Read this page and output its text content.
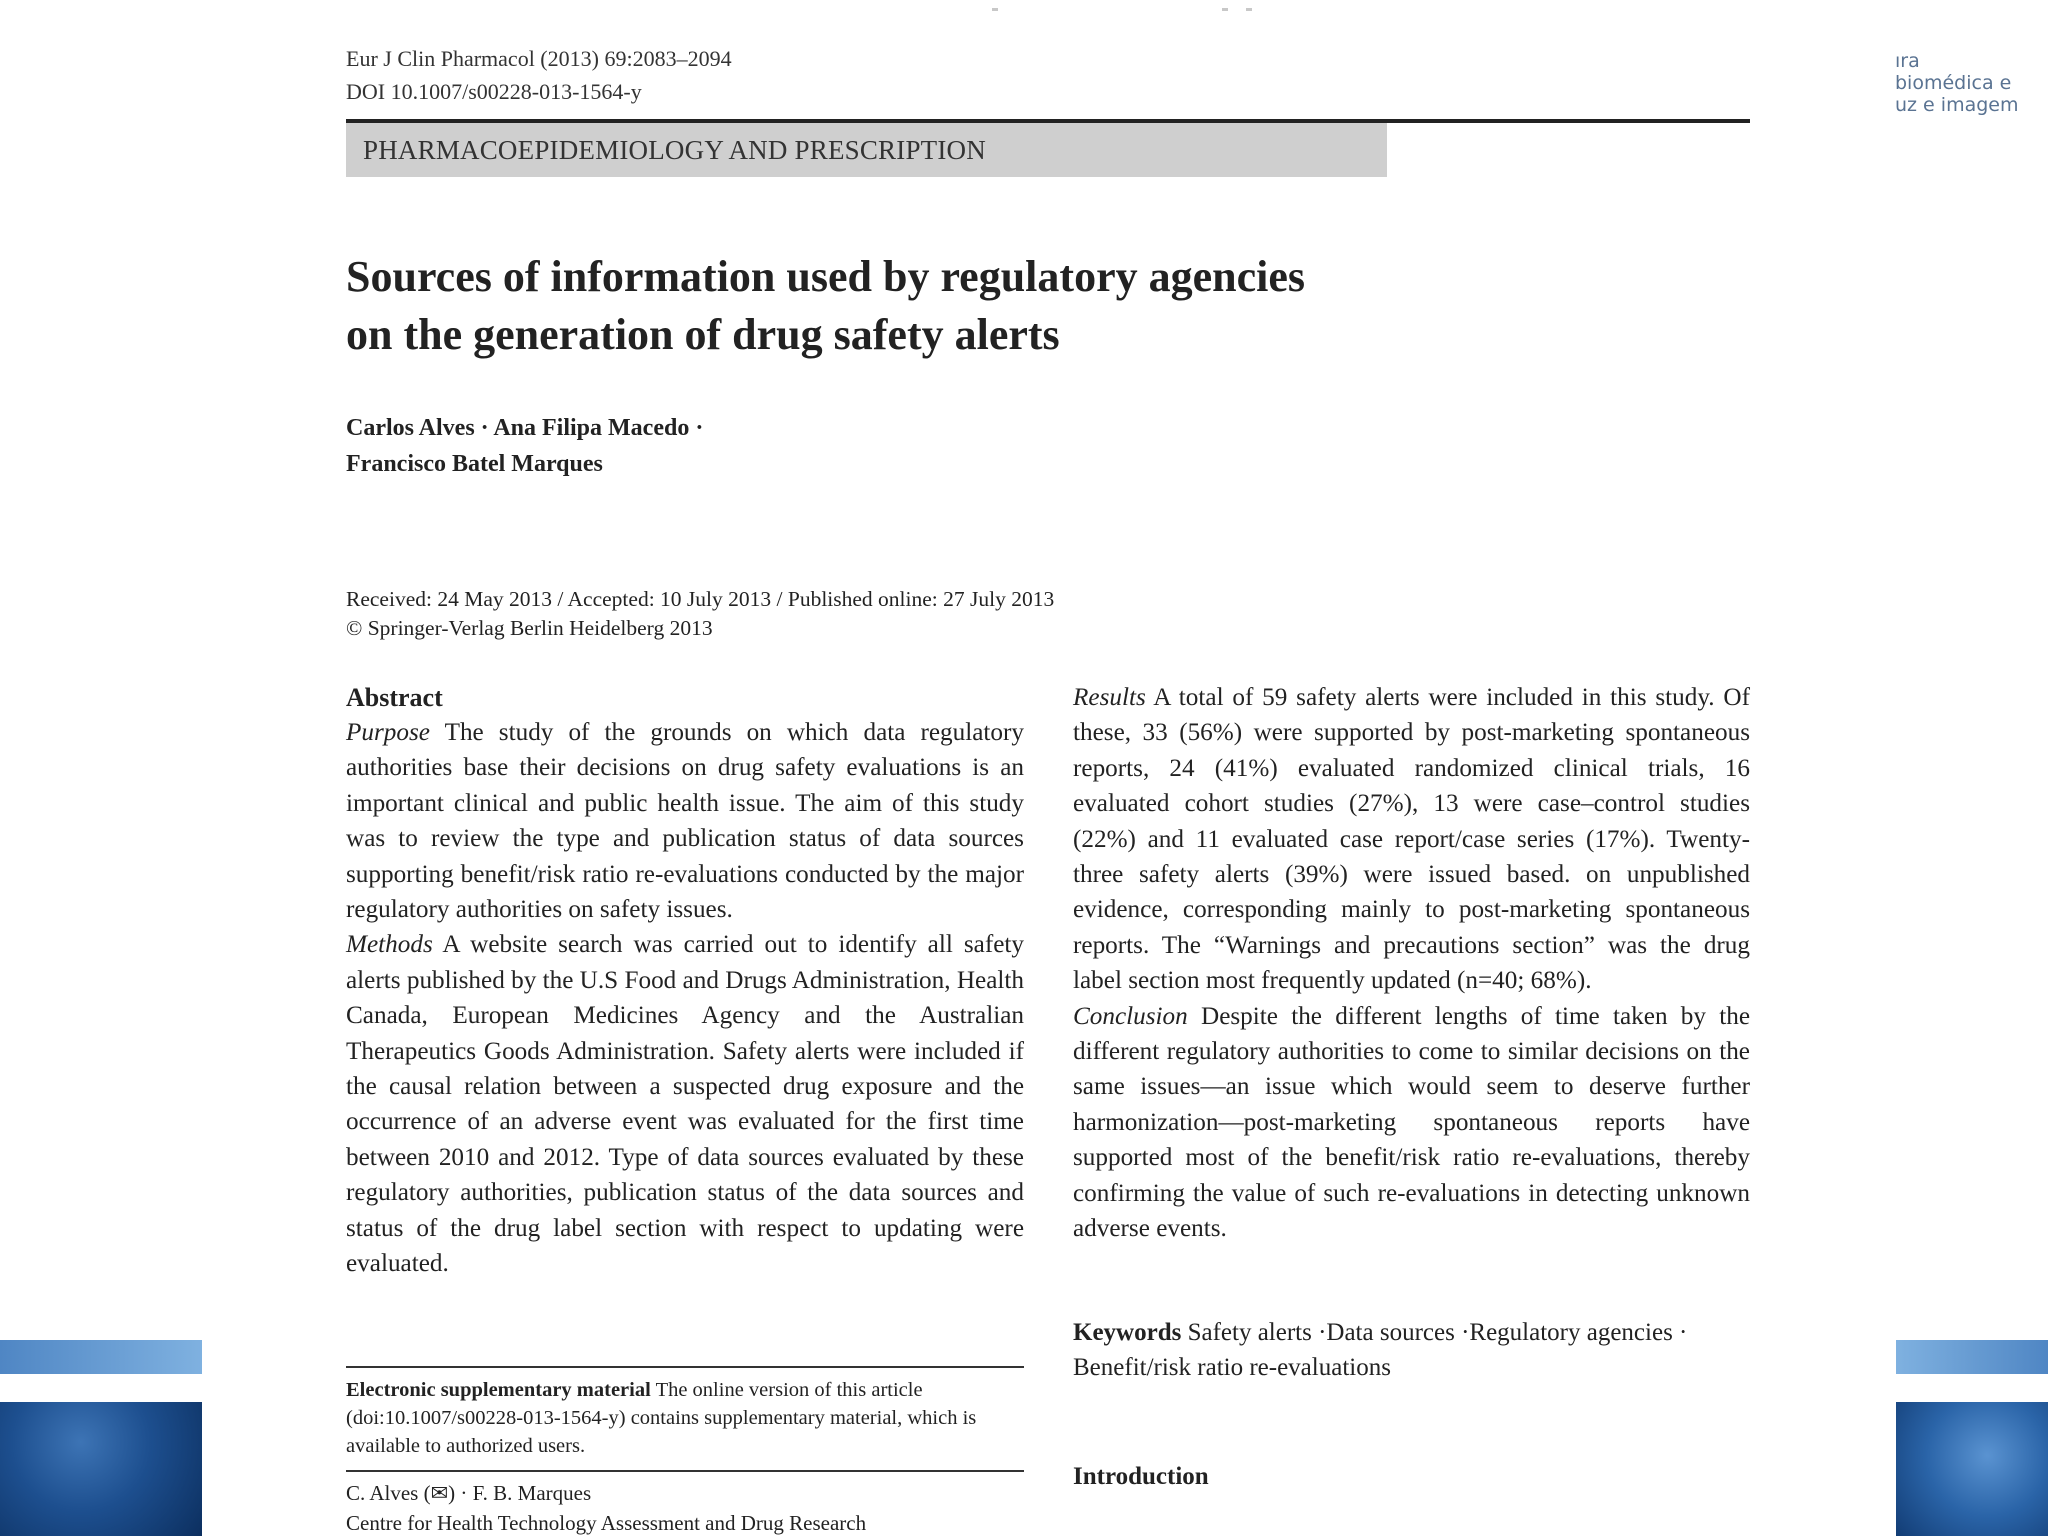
ıra
biomédica e
uz e imagem
Eur J Clin Pharmacol (2013) 69:2083–2094
DOI 10.1007/s00228-013-1564-y
PHARMACOEPIDEMIOLOGY AND PRESCRIPTION
Sources of information used by regulatory agencies
on the generation of drug safety alerts
Carlos Alves · Ana Filipa Macedo ·
Francisco Batel Marques
Received: 24 May 2013 / Accepted: 10 July 2013 / Published online: 27 July 2013
© Springer-Verlag Berlin Heidelberg 2013
Abstract

Purpose The study of the grounds on which data regulatory authorities base their decisions on drug safety evaluations is an important clinical and public health issue. The aim of this study was to review the type and publication status of data sources supporting benefit/risk ratio re-evaluations conducted by the major regulatory authorities on safety issues.

Methods A website search was carried out to identify all safety alerts published by the U.S Food and Drugs Administration, Health Canada, European Medicines Agency and the Australian Therapeutics Goods Administration. Safety alerts were included if the causal relation between a suspected drug exposure and the occurrence of an adverse event was evaluated for the first time between 2010 and 2012. Type of data sources evaluated by these regulatory authorities, publication status of the data sources and status of the drug label section with respect to updating were evaluated.

Results A total of 59 safety alerts were included in this study. Of these, 33 (56%) were supported by post-marketing spontaneous reports, 24 (41%) evaluated randomized clinical trials, 16 evaluated cohort studies (27%), 13 were case–control studies (22%) and 11 evaluated case report/case series (17%). Twenty-three safety alerts (39%) were issued based. on unpublished evidence, corresponding mainly to post-marketing spontaneous reports. The “Warnings and precautions section” was the drug label section most frequently updated (n=40; 68%).

Conclusion Despite the different lengths of time taken by the different regulatory authorities to come to similar decisions on the same issues—an issue which would seem to deserve further harmonization—post-marketing spontaneous reports have supported most of the benefit/risk ratio re-evaluations, thereby confirming the value of such re-evaluations in detecting unknown adverse events.

Keywords Safety alerts ·Data sources ·Regulatory agencies · Benefit/risk ratio re-evaluations
Introduction
Electronic supplementary material The online version of this article (doi:10.1007/s00228-013-1564-y) contains supplementary material, which is available to authorized users.
C. Alves (✉) · F. B. Marques
Centre for Health Technology Assessment and Drug Research
